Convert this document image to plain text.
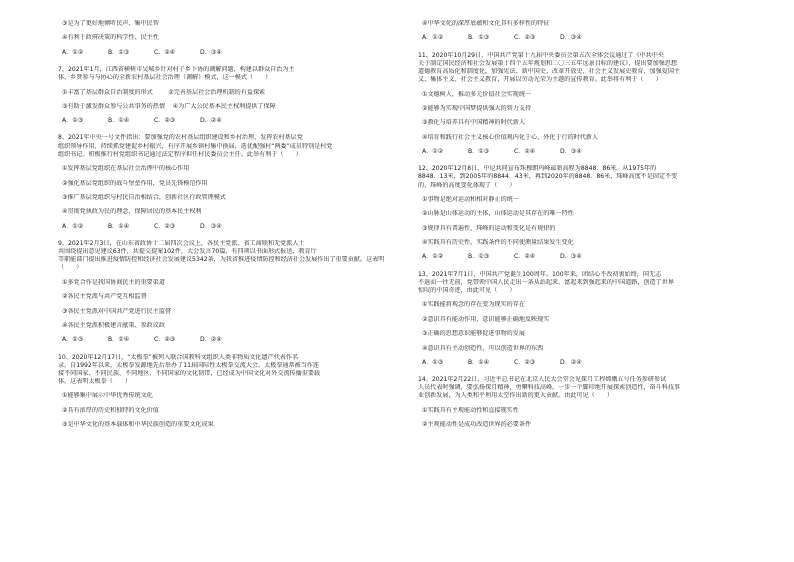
③是为了更好地倾听民声、集中民智
④有利于政府决策的科学性、民主性
A．①②	B．①③	C．②④	D．③④
7、2021年1月，江西省横树市吴城乡针对村子乡下协的调解问题，构建以群众自治为主
体，乡贤参与与协心的全新农村基层社会治理（调解）模式，这一模式（　　）
①丰富了基层群众自治制度的形式	②完善基层社会治理机制的有益探索
③有助于激发群众参与公共事务的热情 ④为广大公民基本民主权利提供了保障
A．①③	B．①④	C．②③	D．②④
8、2021年中央一号文件指出：要加强党的农村基层组织建设和乡村治理，发挥农村基层党
组织领导作用，持续抓党建促乡村振兴，有序开展乡镇村集中换届，选优配强村“两委”成员特别是村党
组织书记。积极推行村党组织书记通过法定程序担任村民委员会主任。此举有利于（　　）
①发挥基层党组织在基层社会治理中的核心作用
②强化基层党组织的战斗堡垒作用，党员先锋模范作用
③推广基层党组织与村民自治相结合，创新社区行政管理模式
④贯彻党执政为民的理念，保障居民的基本民主权利
A．①②	B．①④	C．②③	D．③④
9、2021年2月3日，在山东省政协十二届四次会议上，各民主党派、省工商联和无党派人士
共围绕提出意见建议63件，共提交提案102件，大会发言70篇，有四项以书面形式报送，教育厅
等职能部门提出推进疫情防控和经济社会发展建议5342条，为我省推进疫情防控和经济社会发展作出了重要贡献。这表明
（　　）
①多党合作是我国协商民主的重要渠道
②各民主党派与共产党互相监督
③各民主党派对中国共产党进行民主监督
④各民主党派积极建言献策、参政议政
A．①③	B．①④	C．②③	D．②④
10、2020年12月17日，“太极拳”被列入联合国教科文组织人类非物质文化遗产代表作名
录。自1992年以来，太极拳发源地先后举办了11届国际性太极拳交流大会。太极拳通常被当作连
接不同国家、不同民族、不同地区、不同国家的文化韧带，已经成为中国文化对外交流传播重要载
体。这表明太极拳（　　）
①能够集中展示中华优秀传统文化
②具有浓厚的历史和独特的文化价值
③是中华文化的基本载体和中华民族创造的重要文化成果
④中华文化的深厚底蕴和文化具有多样性的特征
A．①②	B．①③	C．②③	D．③④
11、2020年10月29日，中国共产党第十九届中央委员会第五次全体会议通过了《中共中央
关于制定国民经济和社会发展第十四个五年规划和二〇三五年远景目标的建议》，提出要加强思想
道德教育高质化和制度化，加强宪法、新中国史、改革开放史、社会主义发展史教育，加强爱国主
义、集体主义、社会主义教育，开展以劳动光荣为主题的宣传教育。此举将有利于（　　）
①文德树人，推动多元价值社会实现统一
②能够为实现中国梦提供强大的智力支持
③教化与培养具有中国精神的时代新人
④培育和践行社会主义核心价值观内化于心，外化于行的时代新人
A．①②	B．①③	C．②④	D．③④
12、2020年12月8日，中尼共同宣布珠穆朗玛峰最新高程为8848．86米。从1975年的
8848．13米，到2005年的8844．43米，再到2020年的8848．86米，珠峰高度不是固定不变
的，珠峰的高度变化体现了（　　）
①事物是绝对运动和相对静止的统一
②山脉是山体运动的主体，山体运动是其存在的唯一特性
③规律具有普遍性，珠峰的运动和变化是有规律的
④实践具有历史性，实践条件的不同使测量结果发生变化
A．①②	B．①③	C．②④	D．③④
13、2021年7月1日，中国共产党诞生100周年。100年来，团结心不改初衷始终，国无志
不退而一往无前，党带领中国人民走出一条从站起来、富起来到强起来的中国道路，创造了世界
惊叹的中国奇迹，由此可见（　　）
①实践能将观念的存在变为现实的存在
②意识具有能动作用，意识能够正确地反映现实
③正确的思想意识能够促进事物的发展
④意识具有主动创造性，可以创造世界的东西
A．①③	B．①④	C．②③	D．②④
14、2021年2月22日，习近平总书记在北京人民大会堂会见探月工程嫦娥五号任务参研参试
人员代表时强调，要弘扬探月精神，勇攀科技高峰，一步一个脚印地开展探索创造性，奋斗科技事
业创新发展，为人类和平利用太空作出新的更大贡献。由此可见（　　）
①实践具有主观能动性和直接现实性
②主观能动性是成功改造世界的必要条件
